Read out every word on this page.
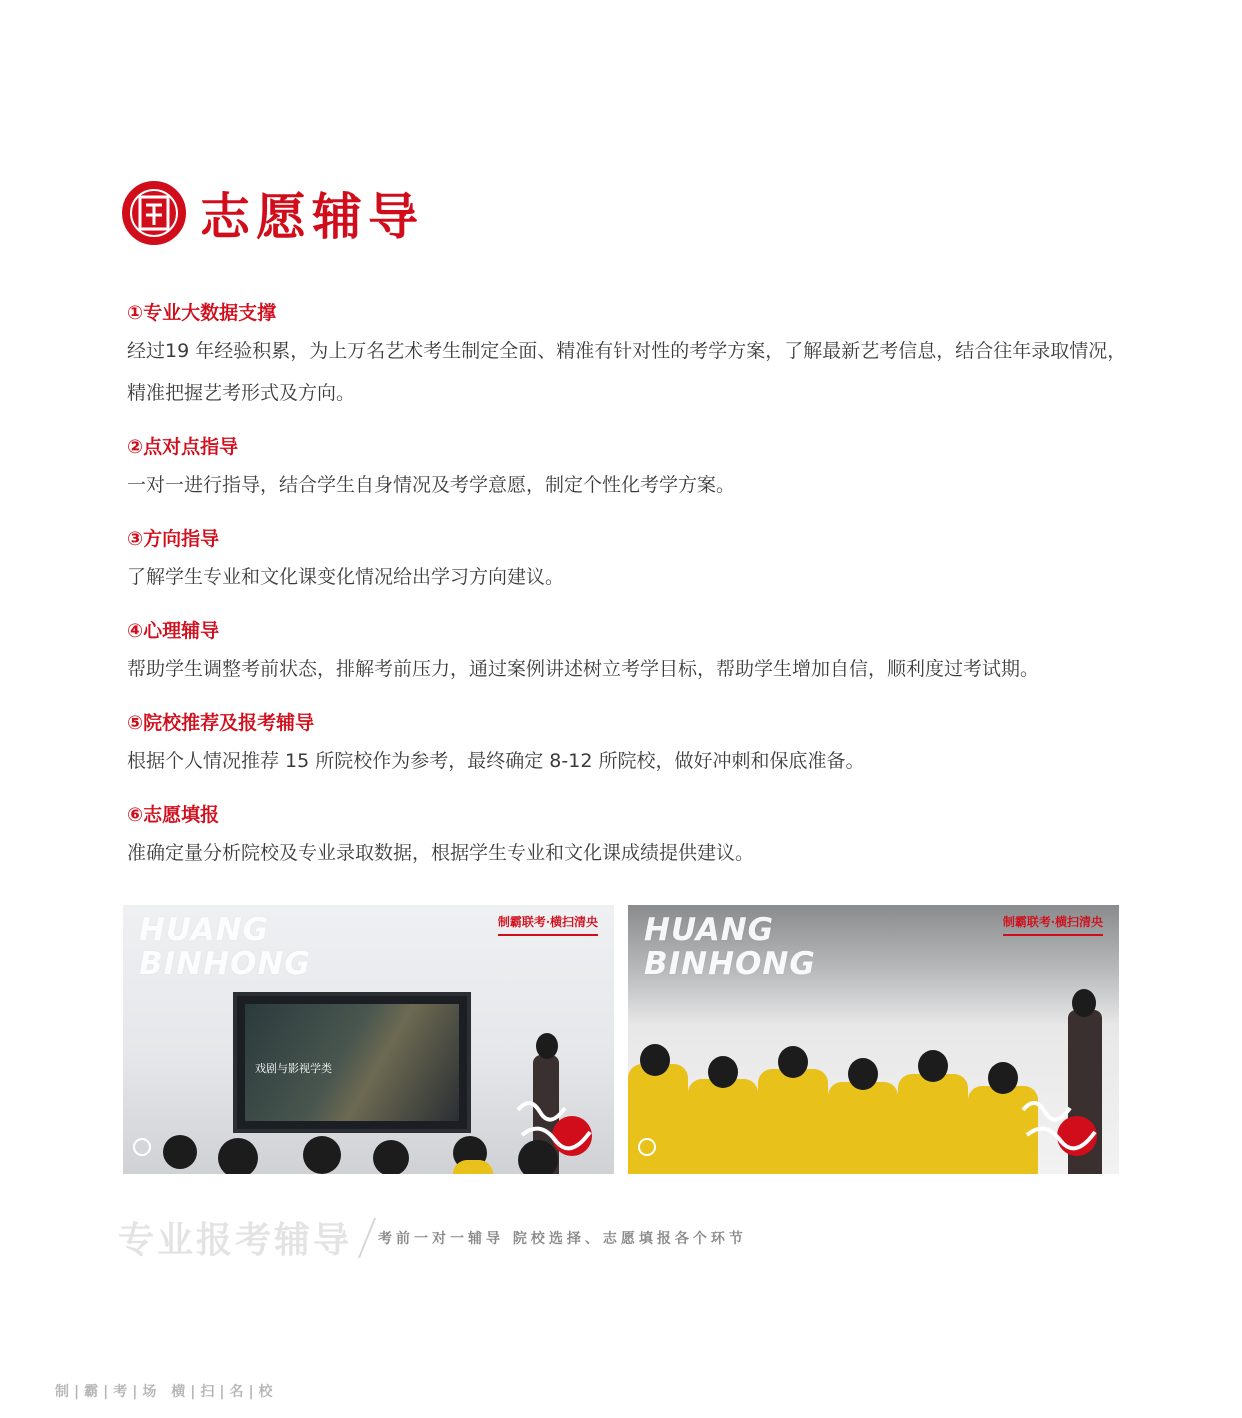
志愿辅导
①专业大数据支撑
经过19 年经验积累，为上万名艺术考生制定全面、精准有针对性的考学方案，了解最新艺考信息，结合往年录取情况，精准把握艺考形式及方向。
②点对点指导
一对一进行指导，结合学生自身情况及考学意愿，制定个性化考学方案。
③方向指导
了解学生专业和文化课变化情况给出学习方向建议。
④心理辅导
帮助学生调整考前状态，排解考前压力，通过案例讲述树立考学目标，帮助学生增加自信，顺利度过考试期。
⑤院校推荐及报考辅导
根据个人情况推荐 15 所院校作为参考，最终确定 8-12 所院校，做好冲刺和保底准备。
⑥志愿填报
准确定量分析院校及专业录取数据，根据学生专业和文化课成绩提供建议。
戏剧与影视学类
HUANG
BINHONG
制霸联考·横扫清央 HUANG
BINHONG
制霸联考·横扫清央
专业报考辅导 考前一对一辅导 院校选择、志愿填报各个环节
制|霸|考|场 横|扫|名|校
